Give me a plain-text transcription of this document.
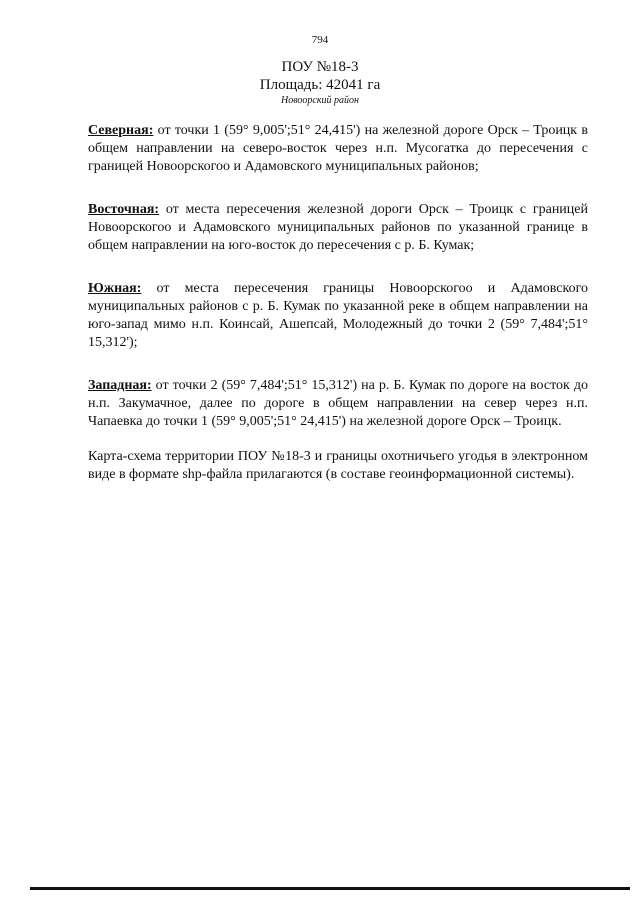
794
ПОУ №18-3
Площадь: 42041 га
Новоорский район

Северная: от точки 1 (59° 9,005';51° 24,415') на железной дороге Орск – Троицк в общем направлении на северо-восток через н.п. Мусогатка до пересечения с границей Новоорскогоо и Адамовского муниципальных районов;

Восточная: от места пересечения железной дороги Орск – Троицк с границей Новоорскогоо и Адамовского муниципальных районов по указанной границе в общем направлении на юго-восток до пересечения с р. Б. Кумак;

Южная: от места пересечения границы Новоорскогоо и Адамовского муниципальных районов с р. Б. Кумак по указанной реке в общем направлении на юго-запад мимо н.п. Коинсай, Ашепсай, Молодежный до точки 2 (59° 7,484';51° 15,312');

Западная: от точки 2 (59° 7,484';51° 15,312') на р. Б. Кумак по дороге на восток до н.п. Закумачное, далее по дороге в общем направлении на север через н.п. Чапаевка до точки 1 (59° 9,005';51° 24,415') на железной дороге Орск – Троицк.

Карта-схема территории ПОУ №18-3 и границы охотничьего угодья в электронном виде в формате shp-файла прилагаются (в составе геоинформационной системы).
